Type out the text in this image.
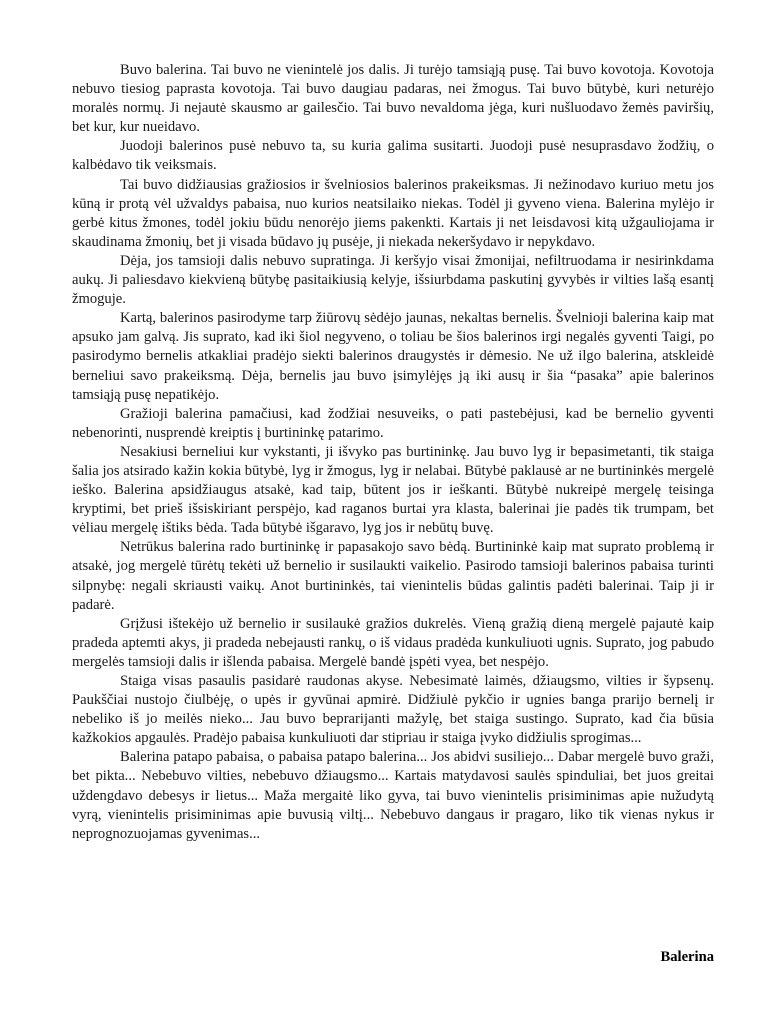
Buvo balerina. Tai buvo ne vienintelė jos dalis. Ji turėjo tamsiąją pusę. Tai buvo kovotoja. Kovotoja nebuvo tiesiog paprasta kovotoja. Tai buvo daugiau padaras, nei žmogus. Tai buvo būtybė, kuri neturėjo moralės normų. Ji nejautė skausmo ar gailesčio. Tai buvo nevaldoma jėga, kuri nušluodavo žemės paviršių, bet kur, kur nueidavo.

Juodoji balerinos pusė nebuvo ta, su kuria galima susitarti. Juodoji pusė nesuprasdavo žodžių, o kalbėdavo tik veiksmais.

Tai buvo didžiausias gražiosios ir švelniosios balerinos prakeiksmas. Ji nežinodavo kuriuo metu jos kūną ir protą vėl užvaldys pabaisa, nuo kurios neatsilaiko niekas. Todėl ji gyveno viena. Balerina mylėjo ir gerbė kitus žmones, todėl jokiu būdu nenorėjo jiems pakenkti. Kartais ji net leisdavosi kitą užgauliojama ir skaudinama žmonių, bet ji visada būdavo jų pusėje, ji niekada nekeršydavo ir nepykdavo.

Dėja, jos tamsioji dalis nebuvo supratinga. Ji keršyjo visai žmonijai, nefiltruodama ir nesirinkdama aukų. Ji paliesdavo kiekvieną būtybę pasitaikiusią kelyje, išsiurbdama paskutinį gyvybės ir vilties lašą esantį žmoguje.

Kartą, balerinos pasirodyme tarp žiūrovų sėdėjo jaunas, nekaltas bernelis. Švelnioji balerina kaip mat apsuko jam galvą. Jis suprato, kad iki šiol negyveno, o toliau be šios balerinos irgi negalės gyventi Taigi, po pasirodymo bernelis atkakliai pradėjo siekti balerinos draugystės ir dėmesio. Ne už ilgo balerina, atskleidė berneliui savo prakeiksmą. Dėja, bernelis jau buvo įsimylėjęs ją iki ausų ir šia “pasaka” apie balerinos tamsiąją pusę nepatikėjo.

Gražioji balerina pamačiusi, kad žodžiai nesuveiks, o pati pastebėjusi, kad be bernelio gyventi nebenorinti, nusprendė kreiptis į burtininkę patarimo.

Nesakiusi berneliui kur vykstanti, ji išvyko pas burtininkę. Jau buvo lyg ir bepasimetanti, tik staiga šalia jos atsirado kažin kokia būtybė, lyg ir žmogus, lyg ir nelabai. Būtybė paklausė ar ne burtininkės mergelė ieško. Balerina apsidžiaugus atsakė, kad taip, būtent jos ir ieškanti. Būtybė nukreipė mergelę teisinga kryptimi, bet prieš išsiskiriant perspėjo, kad raganos burtai yra klasta, balerinai jie padės tik trumpam, bet vėliau mergelę ištiks bėda. Tada būtybė išgaravo, lyg jos ir nebūtų buvę.

Netrūkus balerina rado burtininkę ir papasakojo savo bėdą. Burtininkė kaip mat suprato problemą ir atsakė, jog mergelė tūrėtų tekėti už bernelio ir susilaukti vaikelio. Pasirodo tamsioji balerinos pabaisa turinti silpnybę: negali skriausti vaikų. Anot burtininkės, tai vienintelis būdas galintis padėti balerinai. Taip ji ir padarė.

Grįžusi ištekėjo už bernelio ir susilaukė gražios dukrelės. Vieną gražią dieną mergelė pajautė kaip pradeda aptemti akys, ji pradeda nebejausti rankų, o iš vidaus pradėda kunkuliuoti ugnis. Suprato, jog pabudo mergelės tamsioji dalis ir išlenda pabaisa. Mergelė bandė įspėti vyea, bet nespėjo.

Staiga visas pasaulis pasidarė raudonas akyse. Nebesimatė laimės, džiaugsmo, vilties ir šypsenų. Paukščiai nustojo čiulbėję, o upės ir gyvūnai apmirė. Didžiulė pykčio ir ugnies banga prarijo bernelį ir nebeliko iš jo meilės nieko... Jau buvo beprarijanti mažylę, bet staiga sustingo. Suprato, kad čia būsia kažkokios apgaulės. Pradėjo pabaisa kunkuliuoti dar stipriau ir staiga įvyko didžiulis sprogimas...

Balerina patapo pabaisa, o pabaisa patapo balerina... Jos abidvi susiliejo... Dabar mergelė buvo graži, bet pikta... Nebebuvo vilties, nebebuvo džiaugsmo... Kartais matydavosi saulės spinduliai, bet juos greitai uždengdavo debesys ir lietus... Maža mergaitė liko gyva, tai buvo vienintelis prisiminimas apie nužudytą vyrą, vienintelis prisiminimas apie buvusią viltį... Nebebuvo dangaus ir pragaro, liko tik vienas nykus ir neprognozuojamas gyvenimas...

Balerina
